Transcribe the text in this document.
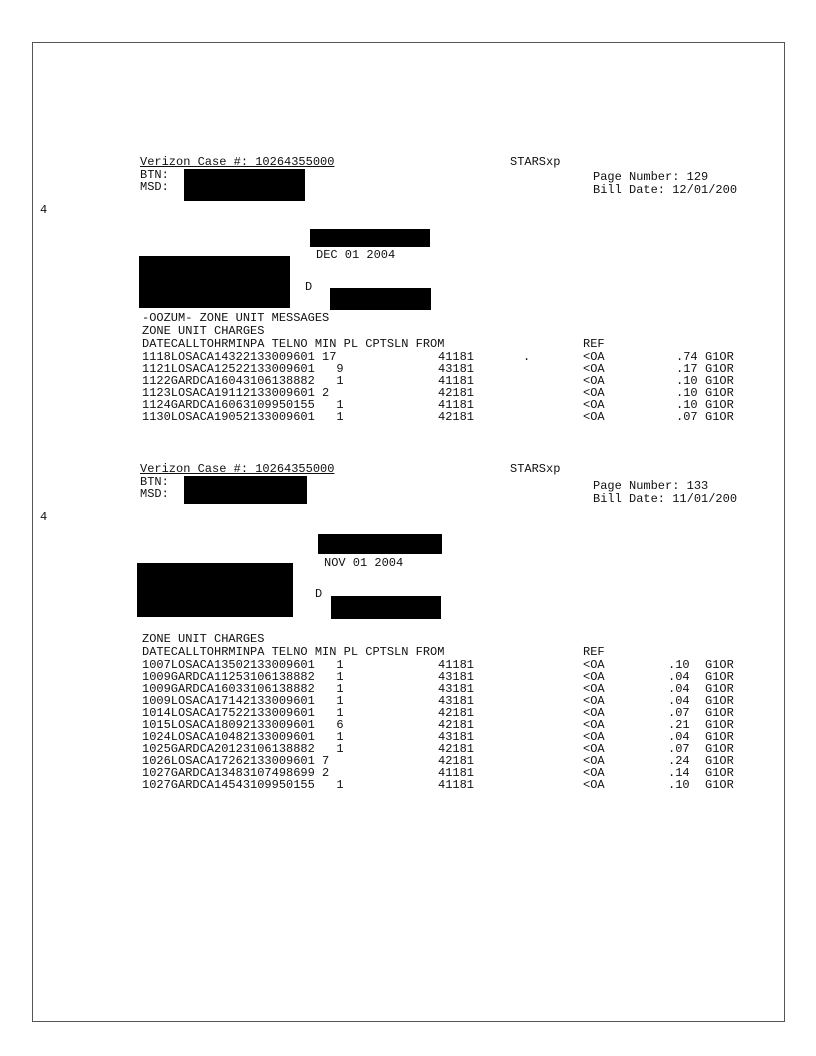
Verizon Case #: 10264355000	STARSxp
BTN:
MSD:
Page Number: 129
Bill Date: 12/01/200
4
DEC 01 2004
D
-OOZUM- ZONE UNIT MESSAGES
ZONE UNIT CHARGES
DATECALLTOHRMINPA TELNO MIN PL CPTSLN FROM	REF
1118LOSACA14322133009601 17	41181	.	<OA	.74 G1OR
1121LOSACA12522133009601   9	43181	<OA	.17 G1OR
1122GARDCA16043106138882   1	41181	<OA	.10 G1OR
1123LOSACA19112133009601 2	42181	<OA	.10 G1OR
1124GARDCA16063109950155   1	41181	<OA	.10 G1OR
1130LOSACA19052133009601   1	42181	<OA	.07 G1OR
Verizon Case #: 10264355000	STARSxp
BTN:
MSD:
Page Number: 133
Bill Date: 11/01/200
4
NOV 01 2004
D
ZONE UNIT CHARGES
DATECALLTOHRMINPA TELNO MIN PL CPTSLN FROM	REF
1007LOSACA13502133009601   1	41181	<OA	.10 G1OR
1009GARDCA11253106138882   1	43181	<OA	.04 G1OR
1009GARDCA16033106138882   1	43181	<OA	.04 G1OR
1009LOSACA17142133009601   1	43181	<OA	.04 G1OR
1014LOSACA17522133009601   1	42181	<OA	.07 G1OR
1015LOSACA18092133009601   6	42181	<OA	.21 G1OR
1024LOSACA10482133009601   1	43181	<OA	.04 G1OR
1025GARDCA20123106138882   1	42181	<OA	.07 G1OR
1026LOSACA17262133009601 7	42181	<OA	.24 G1OR
1027GARDCA13483107498699 2	41181	<OA	.14 G1OR
1027GARDCA14543109950155   1	41181	<OA	.10 G1OR
